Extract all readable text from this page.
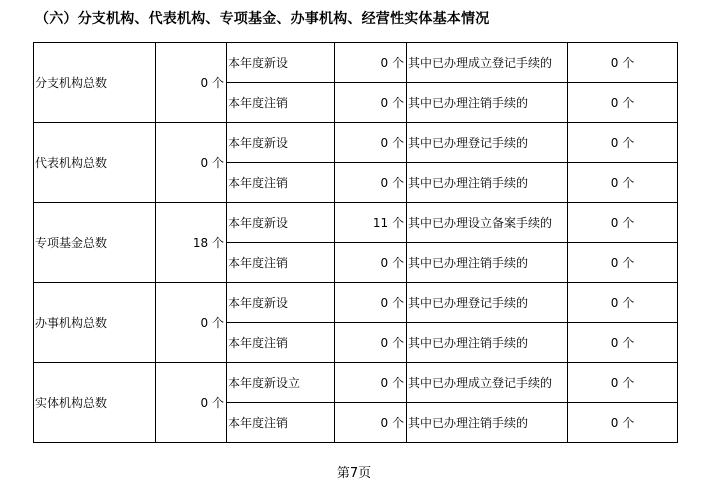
（六）分支机构、代表机构、专项基金、办事机构、经营性实体基本情况
分支机构总数	0 个	本年度新设	0 个	其中已办理成立登记手续的	0 个
		本年度注销	0 个	其中已办理注销手续的	0 个
代表机构总数	0 个	本年度新设	0 个	其中已办理登记手续的	0 个
		本年度注销	0 个	其中已办理注销手续的	0 个
专项基金总数	18 个	本年度新设	11 个	其中已办理设立备案手续的	0 个
		本年度注销	0 个	其中已办理注销手续的	0 个
办事机构总数	0 个	本年度新设	0 个	其中已办理登记手续的	0 个
		本年度注销	0 个	其中已办理注销手续的	0 个
实体机构总数	0 个	本年度新设立	0 个	其中已办理成立登记手续的	0 个
		本年度注销	0 个	其中已办理注销手续的	0 个
第7页
